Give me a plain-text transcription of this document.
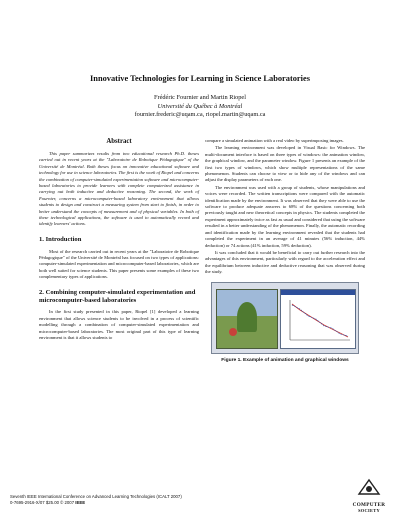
Innovative Technologies for Learning in Science Laboratories
Frédéric Fournier and Martin Riopel
Université du Québec à Montréal
fournier.frederic@uqam.ca, riopel.martin@uqam.ca
Abstract

This paper summarizes results from two educational research Ph.D. theses carried out in recent years at the "Laboratoire de Robotique Pédagogique" of the Université de Montréal. Both theses focus on innovative educational software and technology for use in science laboratories. The first is the work of Riopel and concerns the combination of computer-simulated experimentation software and microcomputer-based laboratories to provide learners with complete computerized assistance in carrying out both inductive and deductive reasoning. The second, the work of Fournier, concerns a microcomputer-based laboratory environment that allows students to design and construct a measuring system from start to finish, in order to better understand the concepts of measurement and of physical variables. In both of these technological applications, the software is used to automatically record and identify learners' actions.

1. Introduction

Most of the research carried out in recent years at the "Laboratoire de Robotique Pédagogique" of the Université de Montréal has focused on two types of applications: computer-simulated experimentation and microcomputer-based laboratories, which are both well suited for science students. This paper presents some examples of these two complementary types of applications.

2. Combining computer-simulated experimentation and microcomputer-based laboratories

In the first study presented in this paper, Riopel [1] developed a learning environment that allows science students to be involved in a process of scientific modelling through a combination of computer-simulated experimentation and microcomputer-based laboratories. The most original part of this type of learning environment is that it allows students to

compare a simulated animation with a real video by superimposing images.

The learning environment was developed in Visual Basic for Windows. The multi-document interface is based on three types of windows: the animation window, the graphical window, and the parameter window. Figure 1 presents an example of the first two types of windows, which show multiple representations of the same phenomenon. Students can choose to view or to hide any of the windows and can adjust the display parameters of each one.

The environment was used with a group of students, whose manipulations and voices were recorded. The written transcriptions were compared with the automatic identification made by the environment. It was observed that they were able to use the software to produce adequate answers to 68% of the questions concerning both previously taught and new theoretical concepts in physics. The students completed the experiment approximately twice as fast as usual and considered that using the software resulted in a better understanding of the phenomenon. Finally, the automatic recording and identification made by the learning environment revealed that the students had completed the experiment in an average of 41 minutes (56% induction, 44% deduction) or 74 actions (41% induction, 59% deduction).

It was concluded that it would be beneficial to carry out further research into the advantages of this environment, particularly with regard to the acceleration effect and the equilibrium between inductive and deductive reasoning that was observed during the study.

Figure 1. Example of animation and graphical windows
Seventh IEEE International Conference on Advanced Learning Technologies (ICALT 2007)
0-7695-2916-X/07 $25.00 © 2007 IEEE	COMPUTER
SOCIETY
